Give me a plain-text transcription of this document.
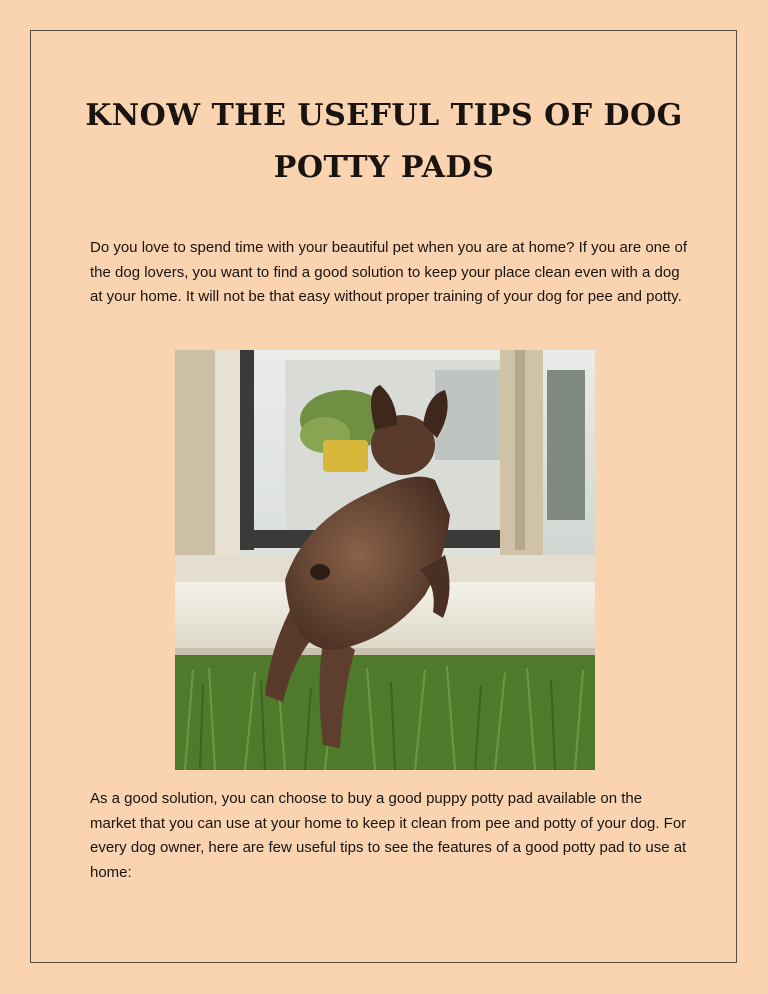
KNOW THE USEFUL TIPS OF DOG POTTY PADS

Do you love to spend time with your beautiful pet when you are at home? If you are one of the dog lovers, you want to find a good solution to keep your place clean even with a dog at your home. It will not be that easy without proper training of your dog for pee and potty.

As a good solution, you can choose to buy a good puppy potty pad available on the market that you can use at your home to keep it clean from pee and potty of your dog. For every dog owner, here are few useful tips to see the features of a good potty pad to use at home:
